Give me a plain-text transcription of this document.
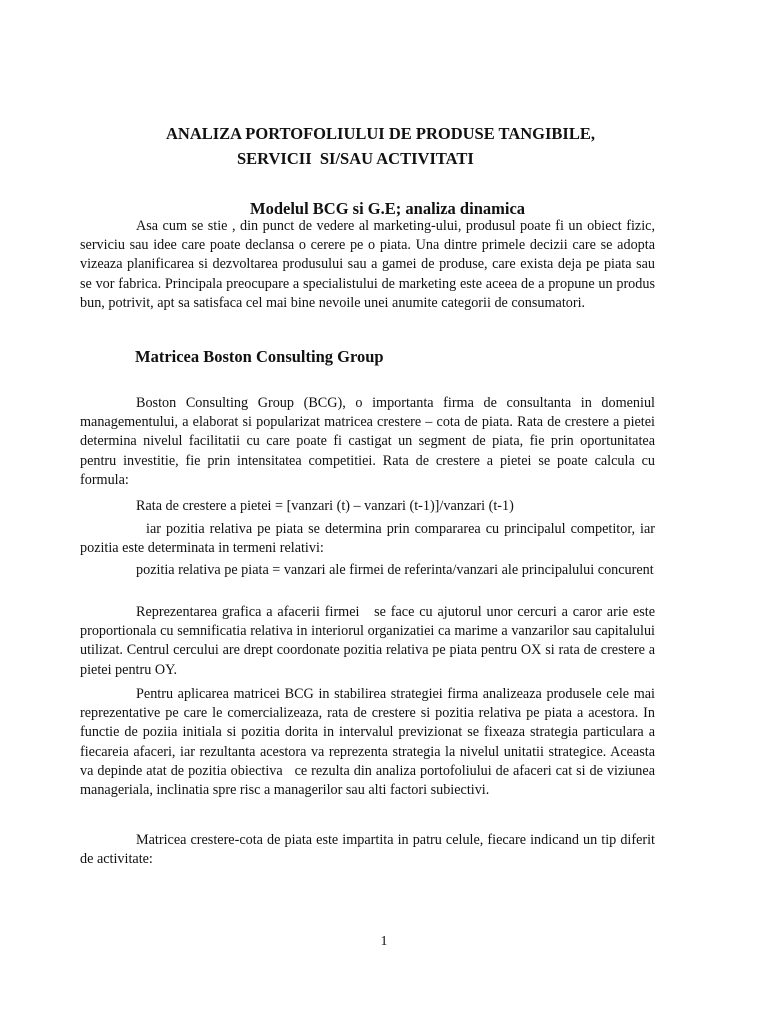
ANALIZA PORTOFOLIULUI DE PRODUSE TANGIBILE,
SERVICII  SI/SAU ACTIVITATI
Modelul BCG si G.E; analiza dinamica

Asa cum se stie , din punct de vedere al marketing-ului, produsul poate fi un obiect fizic, serviciu sau idee care poate declansa o cerere pe o piata. Una dintre primele decizii care se adopta vizeaza planificarea si dezvoltarea produsului sau a gamei de produse, care exista deja pe piata sau se vor fabrica. Principala preocupare a specialistului de marketing este aceea de a propune un produs bun, potrivit, apt sa satisfaca cel mai bine nevoile unei anumite categorii de consumatori.

Matricea Boston Consulting Group

Boston Consulting Group (BCG), o importanta firma de consultanta in domeniul managementului, a elaborat si popularizat matricea crestere – cota de piata. Rata de crestere a pietei determina nivelul facilitatii cu care poate fi castigat un segment de piata, fie prin oportunitatea pentru investitie, fie prin intensitatea competitiei. Rata de crestere a pietei se poate calcula cu formula:

Rata de crestere a pietei = [vanzari (t) – vanzari (t-1)]/vanzari (t-1)

iar pozitia relativa pe piata se determina prin compararea cu principalul competitor, iar pozitia este determinata in termeni relativi:

pozitia relativa pe piata = vanzari ale firmei de referinta/vanzari ale principalului concurent

Reprezentarea grafica a afacerii firmei   se face cu ajutorul unor cercuri a caror arie este proportionala cu semnificatia relativa in interiorul organizatiei ca marime a vanzarilor sau capitalului utilizat. Centrul cercului are drept coordonate pozitia relativa pe piata pentru OX si rata de crestere a pietei pentru OY.

Pentru aplicarea matricei BCG in stabilirea strategiei firma analizeaza produsele cele mai reprezentative pe care le comercializeaza, rata de crestere si pozitia relativa pe piata a acestora. In functie de poziia initiala si pozitia dorita in intervalul previzionat se fixeaza strategia particulara a fiecareia afaceri, iar rezultanta acestora va reprezenta strategia la nivelul unitatii strategice. Aceasta va depinde atat de pozitia obiectiva   ce rezulta din analiza portofoliului de afaceri cat si de viziunea manageriala, inclinatia spre risc a managerilor sau alti factori subiectivi.

Matricea crestere-cota de piata este impartita in patru celule, fiecare indicand un tip diferit de activitate:

1
